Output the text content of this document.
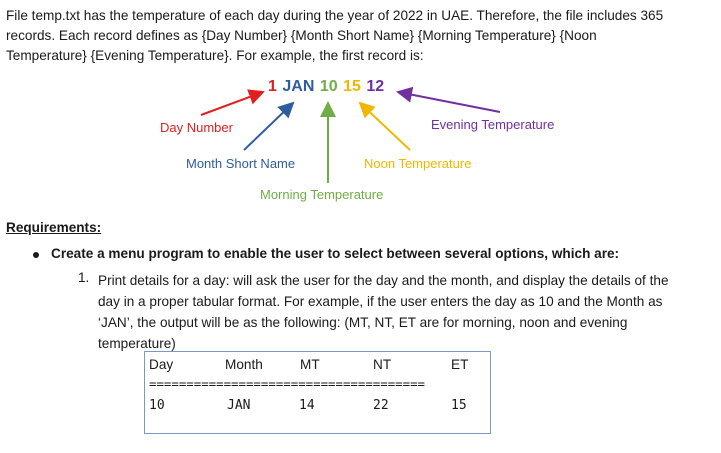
File temp.txt has the temperature of each day during the year of 2022 in UAE. Therefore, the file includes 365
records. Each record defines as {Day Number} {Month Short Name} {Morning Temperature} {Noon
Temperature} {Evening Temperature}. For example, the first record is:
1 JAN 10 15 12
Day Number
Month Short Name
Morning Temperature
Noon Temperature
Evening Temperature
Requirements:
Create a menu program to enable the user to select between several options, which are:
1. Print details for a day: will ask the user for the day and the month, and display the details of the
day in a proper tabular format. For example, if the user enters the day as 10 and the Month as
‘JAN’, the output will be as the following: (MT, NT, ET are for morning, noon and evening
temperature)
Day	Month	MT	NT	ET
=====================================
10	JAN	14	22	15
